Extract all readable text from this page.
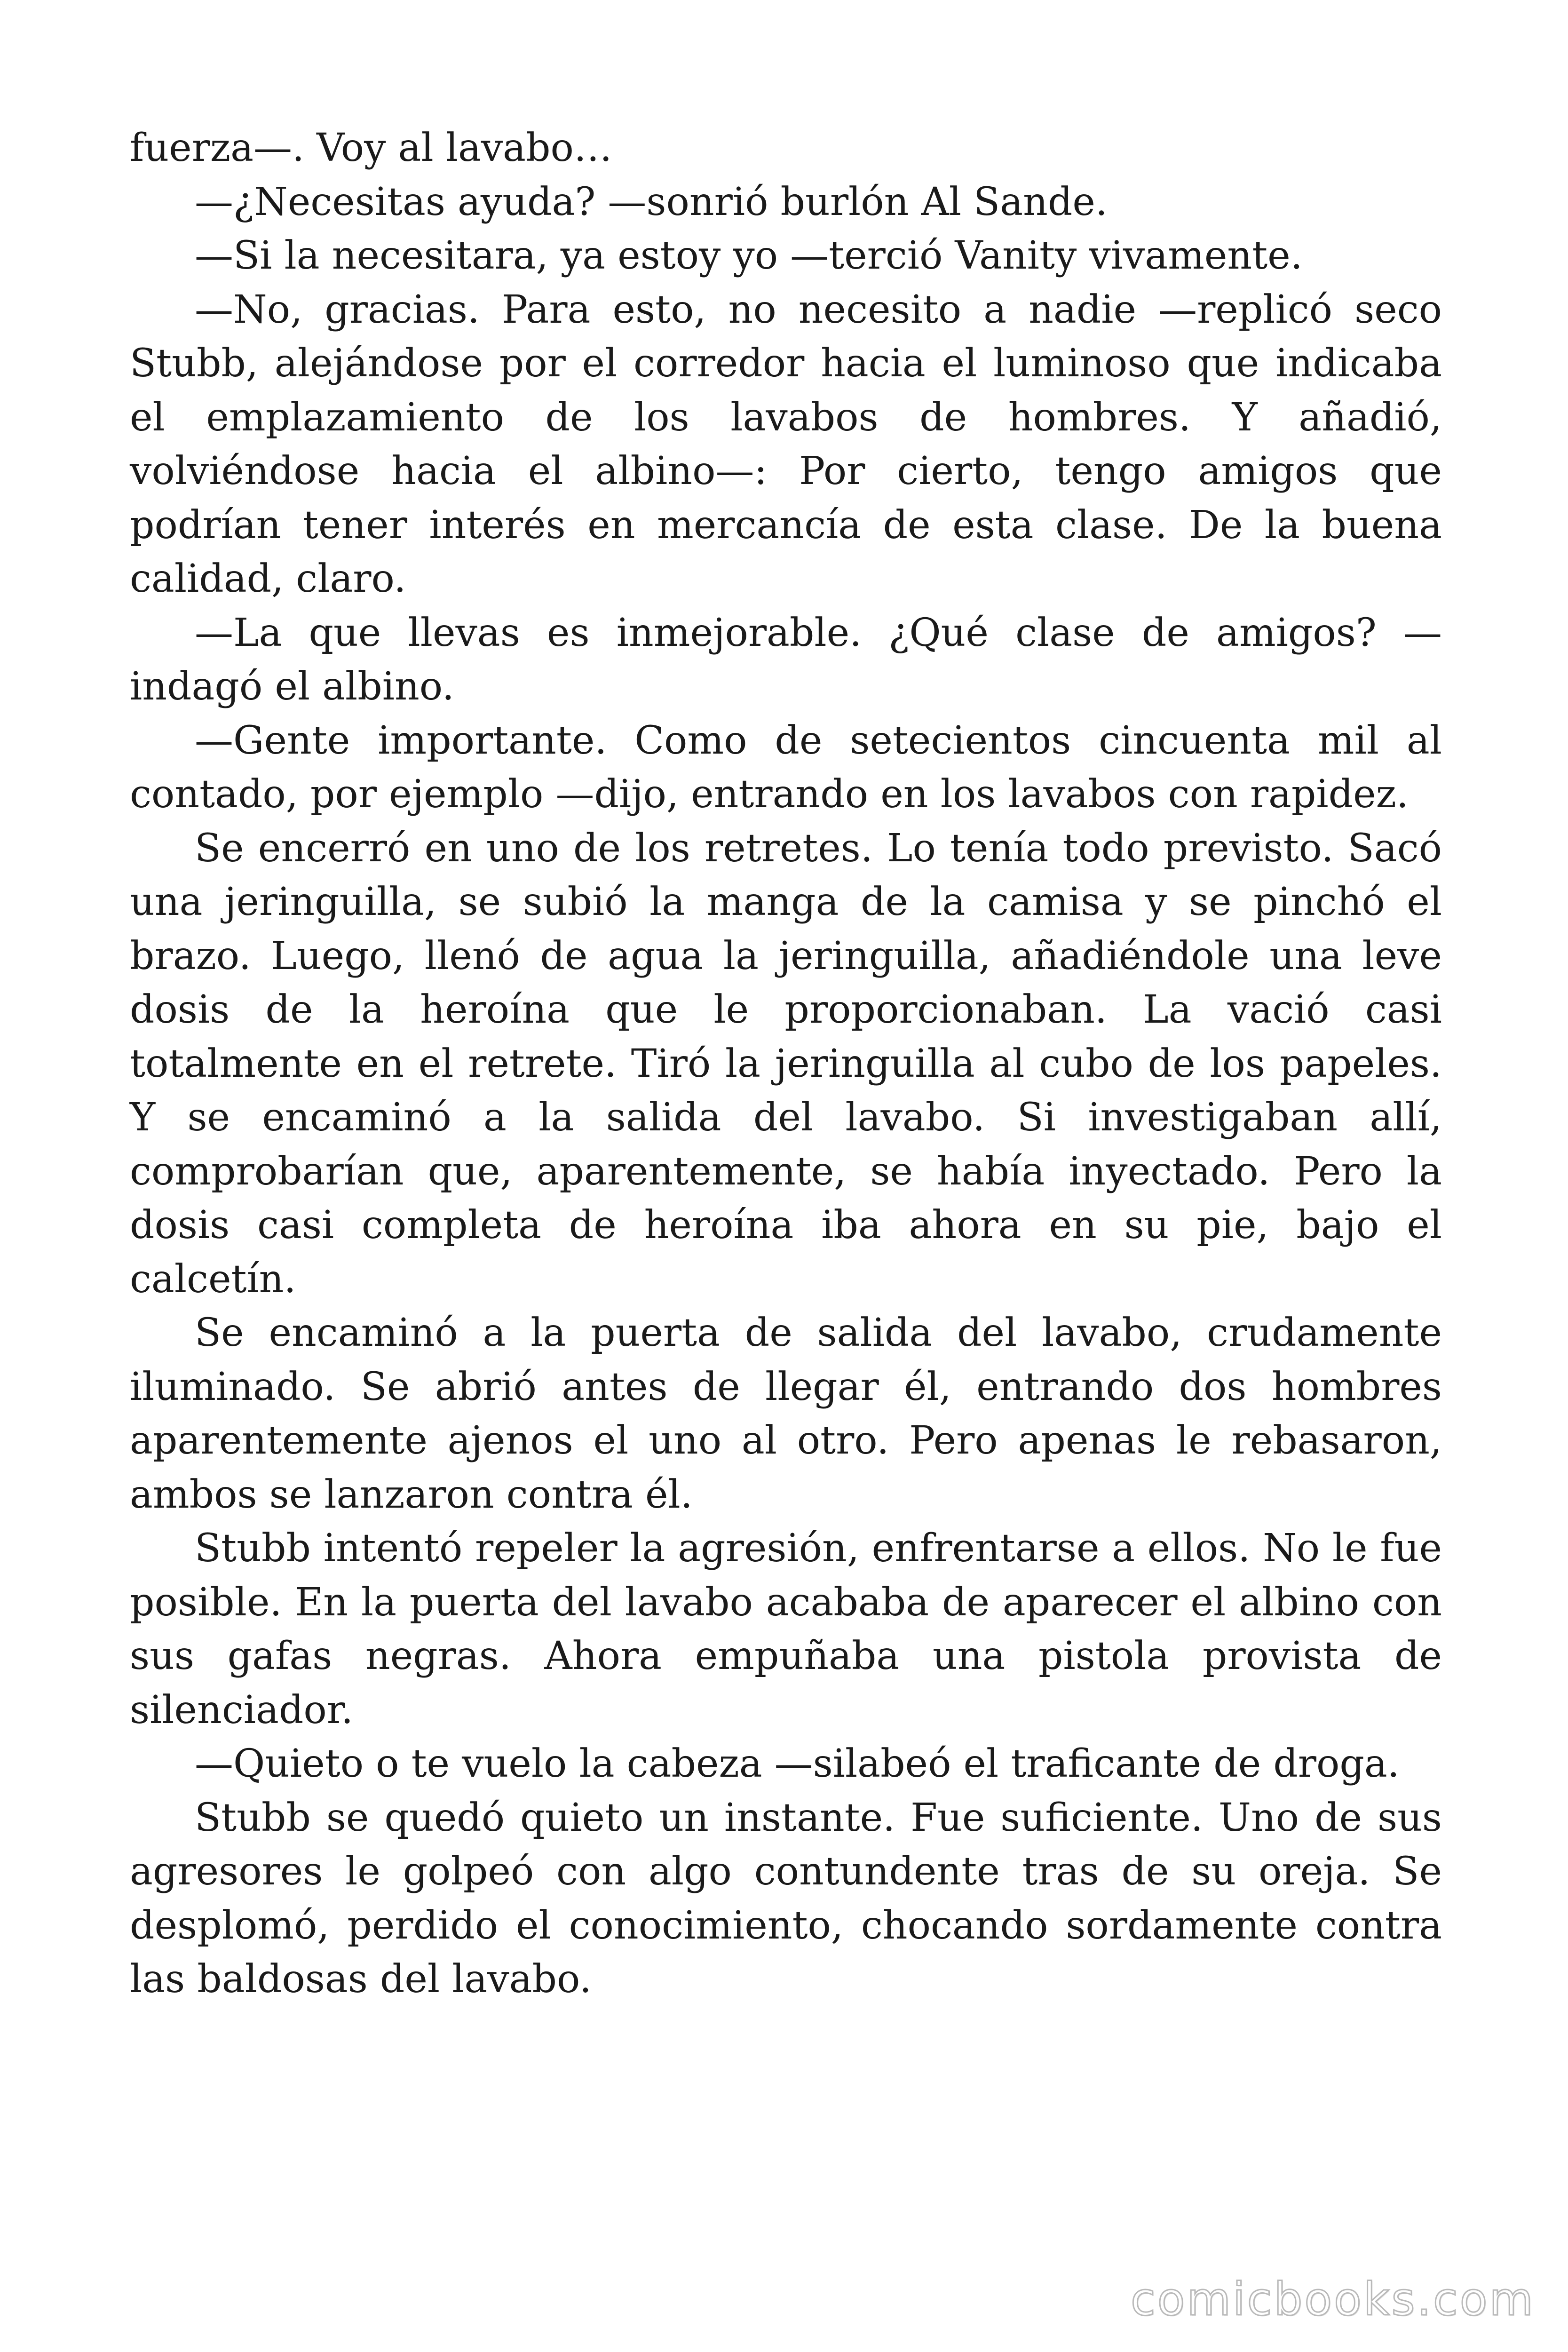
fuerza—. Voy al lavabo…

—¿Necesitas ayuda? —sonrió burlón Al Sande.

—Si la necesitara, ya estoy yo —terció Vanity vivamente.

—No, gracias. Para esto, no necesito a nadie —replicó seco Stubb, alejándose por el corredor hacia el luminoso que indicaba el emplazamiento de los lavabos de hombres. Y añadió, volviéndose hacia el albino—: Por cierto, tengo amigos que podrían tener interés en mercancía de esta clase. De la buena calidad, claro.

—La que llevas es inmejorable. ¿Qué clase de amigos? —indagó el albino.

—Gente importante. Como de setecientos cincuenta mil al contado, por ejemplo —dijo, entrando en los lavabos con rapidez.

Se encerró en uno de los retretes. Lo tenía todo previsto. Sacó una jeringuilla, se subió la manga de la camisa y se pinchó el brazo. Luego, llenó de agua la jeringuilla, añadiéndole una leve dosis de la heroína que le proporcionaban. La vació casi totalmente en el retrete. Tiró la jeringuilla al cubo de los papeles. Y se encaminó a la salida del lavabo. Si investigaban allí, comprobarían que, aparentemente, se había inyectado. Pero la dosis casi completa de heroína iba ahora en su pie, bajo el calcetín.

Se encaminó a la puerta de salida del lavabo, crudamente iluminado. Se abrió antes de llegar él, entrando dos hombres aparentemente ajenos el uno al otro. Pero apenas le rebasaron, ambos se lanzaron contra él.

Stubb intentó repeler la agresión, enfrentarse a ellos. No le fue posible. En la puerta del lavabo acababa de aparecer el albino con sus gafas negras. Ahora empuñaba una pistola provista de silenciador.

—Quieto o te vuelo la cabeza —silabeó el traficante de droga.

Stubb se quedó quieto un instante. Fue suficiente. Uno de sus agresores le golpeó con algo contundente tras de su oreja. Se desplomó, perdido el conocimiento, chocando sordamente contra las baldosas del lavabo.

comicbooks.com
